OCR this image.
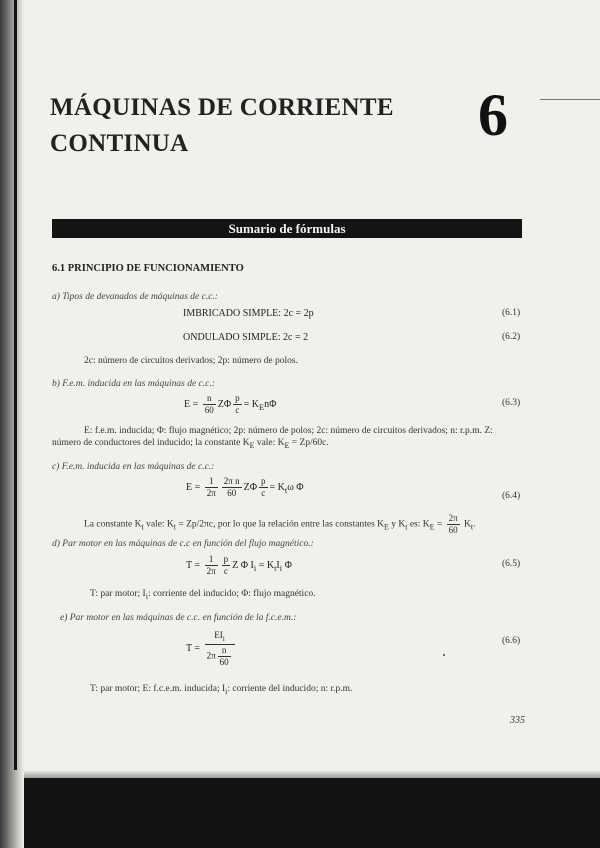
MÁQUINAS DE CORRIENTE
CONTINUA	6
Sumario de fórmulas
6.1 PRINCIPIO DE FUNCIONAMIENTO
a) Tipos de devanados de máquinas de c.c.:
IMBRICADO SIMPLE: 2c = 2p	(6.1)
ONDULADO SIMPLE: 2c = 2	(6.2)
2c: número de circuitos derivados; 2p: número de polos.
b) F.e.m. inducida en las máquinas de c.c.:
$E = \frac{n}{60}$ ZΦ $\frac{p}{c} = K_En\Phi$	(6.3)
E: f.e.m. inducida; Φ: flujo magnético; 2p: número de polos; 2c: número de circuitos derivados; n: r.p.m. Z:
número de conductores del inducido; la constante $K_E$ vale: $K_E = Zp/60c$.
c) F.e.m. inducida en las máquinas de c.c.:
$E = \frac{1}{2\pi} \frac{\text{2π n}}{60}$ ZΦ $\frac{p}{c} = K_t\omega$ Φ
(6.4)
La constante $K_t$ vale: $K_t = Zp/2\pi c$, por lo que la relación entre las constantes $K_E$ y $K_t$ es: $K_E = \frac{2\pi}{60} K_t$.
d) Par motor en las máquinas de c.c en función del flujo magnético.:
$T = \frac{1}{2\pi} \frac{p}{c}$ Z Φ $I_i = K_tI_i$ Φ	(6.5)
T: par motor; $I_i$: corriente del inducido; Φ: flujo magnético.
e) Par motor en las máquinas de c.c. en función de la f.c.e.m.:
$T = \frac{EI_i}{2\pi \frac{n}{60}}$	(6.6)
T: par motor; E: f.c.e.m. inducida; $I_i$: corriente del inducido; n: r.p.m.
335
